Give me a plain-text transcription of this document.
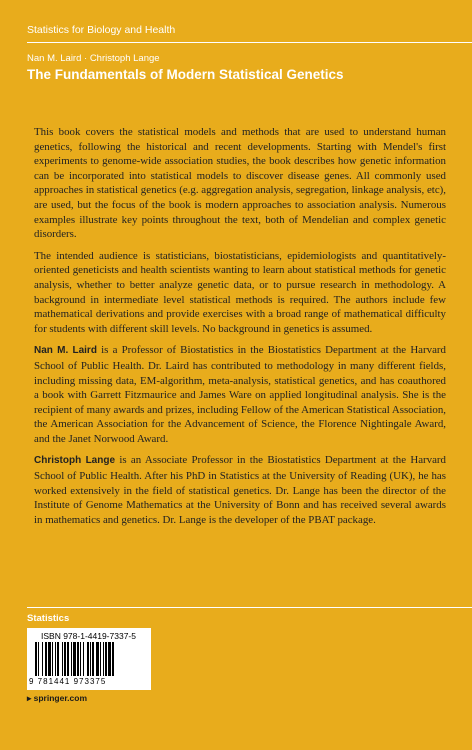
Statistics for Biology and Health
Nan M. Laird · Christoph Lange
The Fundamentals of Modern Statistical Genetics

This book covers the statistical models and methods that are used to understand human genetics, following the historical and recent developments. Starting with Mendel's first experiments to genome-wide association studies, the book describes how genetic information can be incorporated into statistical models to discover disease genes. All commonly used approaches in statistical genetics (e.g. aggregation analysis, segregation, linkage analysis, etc), are used, but the focus of the book is modern approaches to association analysis. Numerous examples illustrate key points throughout the text, both of Mendelian and complex genetic disorders.

The intended audience is statisticians, biostatisticians, epidemiologists and quantitatively- oriented geneticists and health scientists wanting to learn about statistical methods for genetic analysis, whether to better analyze genetic data, or to pursue research in methodology. A background in intermediate level statistical methods is required. The authors include few mathematical derivations and provide exercises with a broad range of mathematical difficulty for students with different skill levels. No background in genetics is assumed.

Nan M. Laird is a Professor of Biostatistics in the Biostatistics Department at the Harvard School of Public Health. Dr. Laird has contributed to methodology in many different fields, including missing data, EM-algorithm, meta-analysis, statistical genetics, and has coauthored a book with Garrett Fitzmaurice and James Ware on applied longitudinal analysis. She is the recipient of many awards and prizes, including Fellow of the American Statistical Association, the American Association for the Advancement of Science, the Florence Nightingale Award, and the Janet Norwood Award.

Christoph Lange is an Associate Professor in the Biostatistics Department at the Harvard School of Public Health. After his PhD in Statistics at the University of Reading (UK), he has worked extensively in the field of statistical genetics. Dr. Lange has been the director of the Institute of Genome Mathematics at the University of Bonn and has received several awards in mathematics and genetics. Dr. Lange is the developer of the PBAT package.

Statistics
ISBN 978-1-4419-7337-5
9 781441 973375
▸ springer.com
